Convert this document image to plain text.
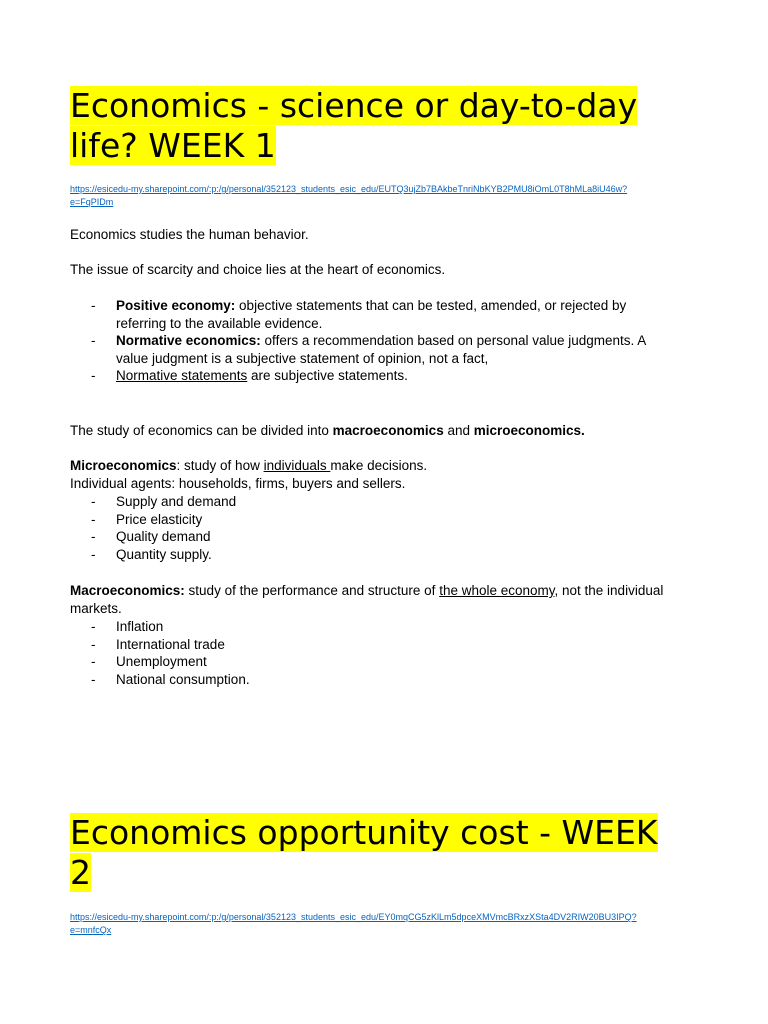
Economics - science or day-to-day
life? WEEK 1
https://esicedu-my.sharepoint.com/:p:/g/personal/352123_students_esic_edu/EUTQ3ujZb7BAkbeTnriNbKYB2PMU8iOmL0T8hMLa8iU46w?
e=FqPIDm

Economics studies the human behavior.

The issue of scarcity and choice lies at the heart of economics.

- Positive economy: objective statements that can be tested, amended, or rejected by referring to the available evidence.
- Normative economics: offers a recommendation based on personal value judgments. A value judgment is a subjective statement of opinion, not a fact,
- Normative statements are subjective statements.

The study of economics can be divided into macroeconomics and microeconomics.

Microeconomics: study of how individuals make decisions.
Individual agents: households, firms, buyers and sellers.

- Supply and demand
- Price elasticity
- Quality demand
- Quantity supply.

Macroeconomics: study of the performance and structure of the whole economy, not the individual markets.

- Inflation
- International trade
- Unemployment
- National consumption.
Economics opportunity cost - WEEK
2
https://esicedu-my.sharepoint.com/:p:/g/personal/352123_students_esic_edu/EY0mqCG5zKlLm5dpceXMVmcBRxzXSta4DV2RIW20BU3IPQ?
e=mnfcQx
